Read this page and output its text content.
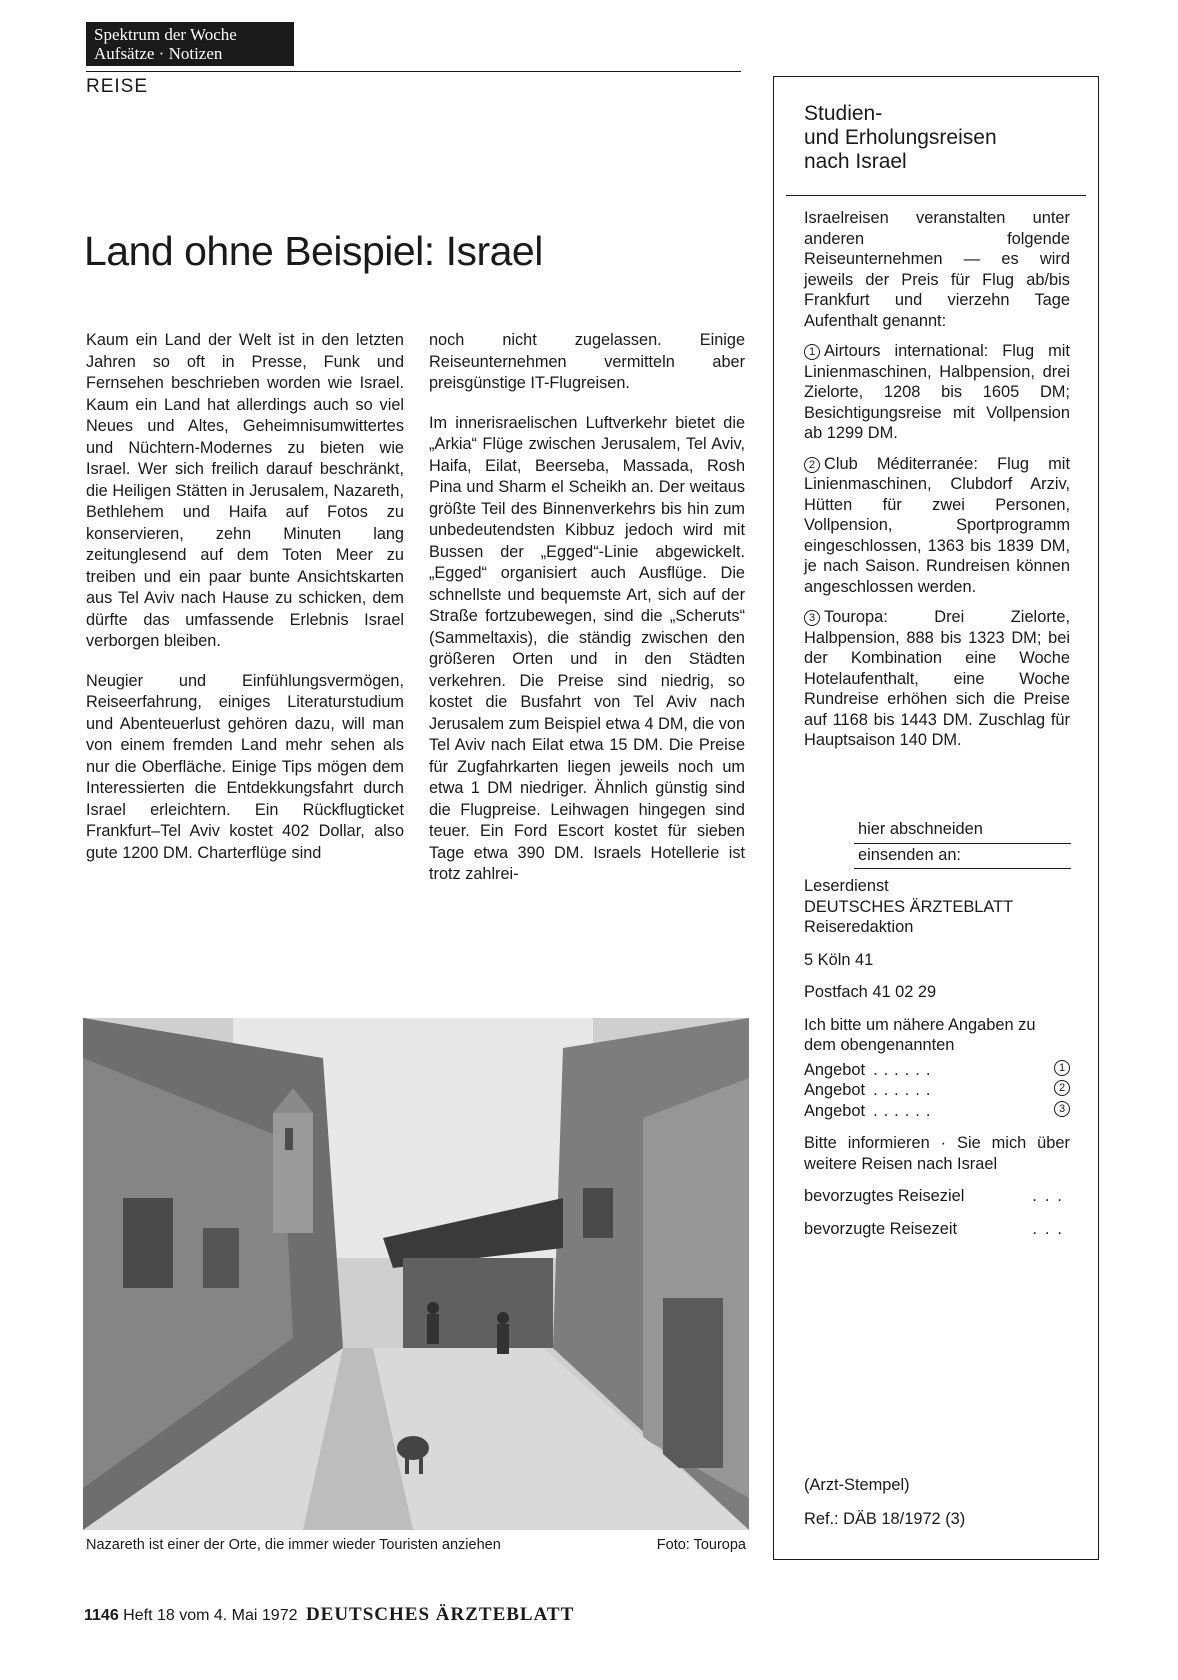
Spektrum der Woche
Aufsätze · Notizen
REISE
Land ohne Beispiel: Israel

Kaum ein Land der Welt ist in den letzten Jahren so oft in Presse, Funk und Fernsehen beschrieben worden wie Israel. Kaum ein Land hat allerdings auch so viel Neues und Altes, Geheimnisumwittertes und Nüchtern-Modernes zu bieten wie Israel. Wer sich freilich darauf beschränkt, die Heiligen Stätten in Jerusalem, Nazareth, Bethlehem und Haifa auf Fotos zu konservieren, zehn Minuten lang zeitunglesend auf dem Toten Meer zu treiben und ein paar bunte Ansichtskarten aus Tel Aviv nach Hause zu schicken, dem dürfte das umfassende Erlebnis Israel verborgen bleiben.

Neugier und Einfühlungsvermögen, Reiseerfahrung, einiges Literaturstudium und Abenteuerlust gehören dazu, will man von einem fremden Land mehr sehen als nur die Oberfläche. Einige Tips mögen dem Interessierten die Entdekkungsfahrt durch Israel erleichtern. Ein Rückflugticket Frankfurt–Tel Aviv kostet 402 Dollar, also gute 1200 DM. Charterflüge sind

noch nicht zugelassen. Einige Reiseunternehmen vermitteln aber preisgünstige IT-Flugreisen.

Im innerisraelischen Luftverkehr bietet die „Arkia“ Flüge zwischen Jerusalem, Tel Aviv, Haifa, Eilat, Beerseba, Massada, Rosh Pina und Sharm el Scheikh an. Der weitaus größte Teil des Binnenverkehrs bis hin zum unbedeutendsten Kibbuz jedoch wird mit Bussen der „Egged“-Linie abgewickelt. „Egged“ organisiert auch Ausflüge. Die schnellste und bequemste Art, sich auf der Straße fortzubewegen, sind die „Scheruts“ (Sammeltaxis), die ständig zwischen den größeren Orten und in den Städten verkehren. Die Preise sind niedrig, so kostet die Busfahrt von Tel Aviv nach Jerusalem zum Beispiel etwa 4 DM, die von Tel Aviv nach Eilat etwa 15 DM. Die Preise für Zugfahrkarten liegen jeweils noch um etwa 1 DM niedriger. Ähnlich günstig sind die Flugpreise. Leihwagen hingegen sind teuer. Ein Ford Escort kostet für sieben Tage etwa 390 DM. Israels Hotellerie ist trotz zahlrei-

Nazareth ist einer der Orte, die immer wieder Touristen anziehen	Foto: Touropa
1146 Heft 18 vom 4. Mai 1972 DEUTSCHES ÄRZTEBLATT
Studien-
und Erholungsreisen
nach Israel

Israelreisen veranstalten unter anderen folgende Reiseunternehmen — es wird jeweils der Preis für Flug ab/bis Frankfurt und vierzehn Tage Aufenthalt genannt:

1 Airtours international: Flug mit Linienmaschinen, Halbpension, drei Zielorte, 1208 bis 1605 DM; Besichtigungsreise mit Vollpension ab 1299 DM.

2 Club Méditerranée: Flug mit Linienmaschinen, Clubdorf Arziv, Hütten für zwei Personen, Vollpension, Sportprogramm eingeschlossen, 1363 bis 1839 DM, je nach Saison. Rundreisen können angeschlossen werden.

3 Touropa: Drei Zielorte, Halbpension, 888 bis 1323 DM; bei der Kombination eine Woche Hotelaufenthalt, eine Woche Rundreise erhöhen sich die Preise auf 1168 bis 1443 DM. Zuschlag für Hauptsaison 140 DM.

hier abschneiden
einsenden an:

Leserdienst
DEUTSCHES ÄRZTEBLATT
Reiseredaktion

5 Köln 41

Postfach 41 02 29

Ich bitte um nähere Angaben zu dem obengenannten

Angebot ......	1
Angebot ......	2
Angebot ......	3

Bitte informieren · Sie mich über weitere Reisen nach Israel

bevorzugtes Reiseziel	...
bevorzugte Reisezeit	...
(Arzt-Stempel)
Ref.: DÄB 18/1972 (3)
